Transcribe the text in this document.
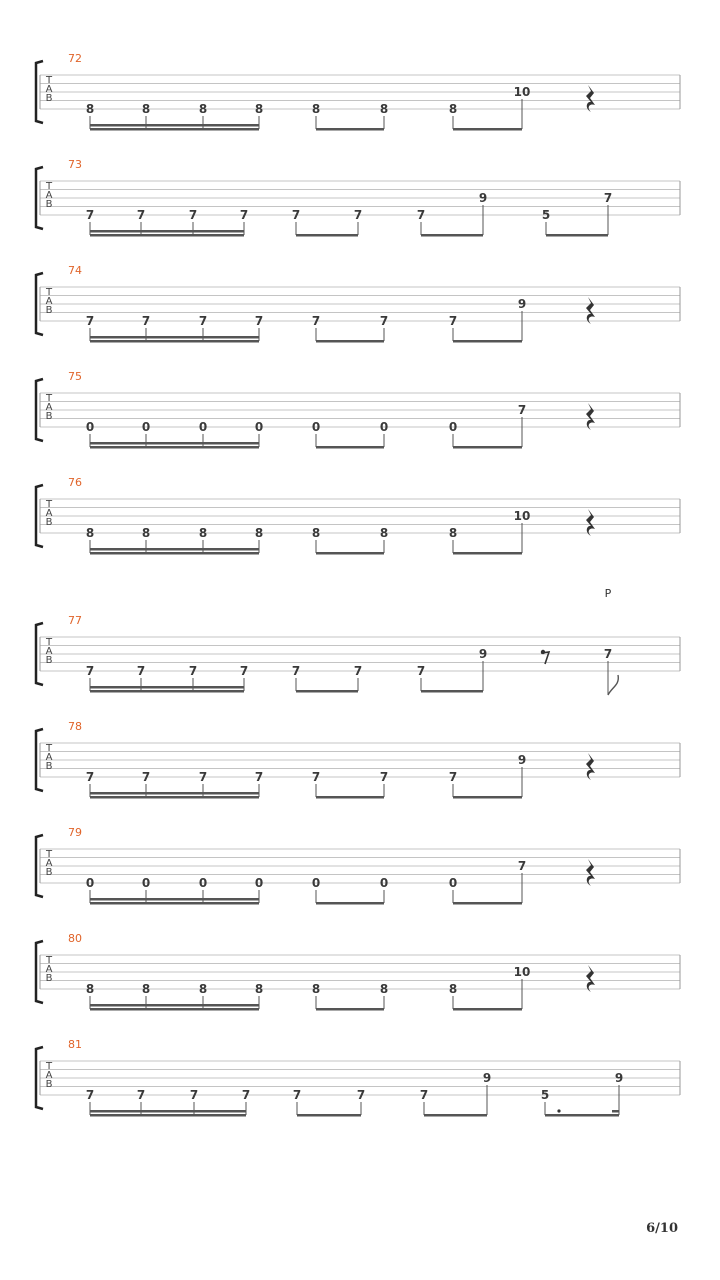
T
A
B
72
8	8	8	8	8	8	8
10
T
A
B
73
7	7	7	7	7	7	7
9
5
7
T
A
B
74
7	7	7	7	7	7	7
9
T
A
B
75
0	0	0	0	0	0	0
7
T
A
B
76
8	8	8	8	8	8	8
10
T
A
B
77
7	7	7	7	7	7	7
9	7
P
T
A
B
78
7	7	7	7	7	7	7
9
T
A
B
79
0	0	0	0	0	0	0
7
T
A
B
80
8	8	8	8	8	8	8
10
T
A
B
81
7	7	7	7	7	7	7
9
5
9
6/10
